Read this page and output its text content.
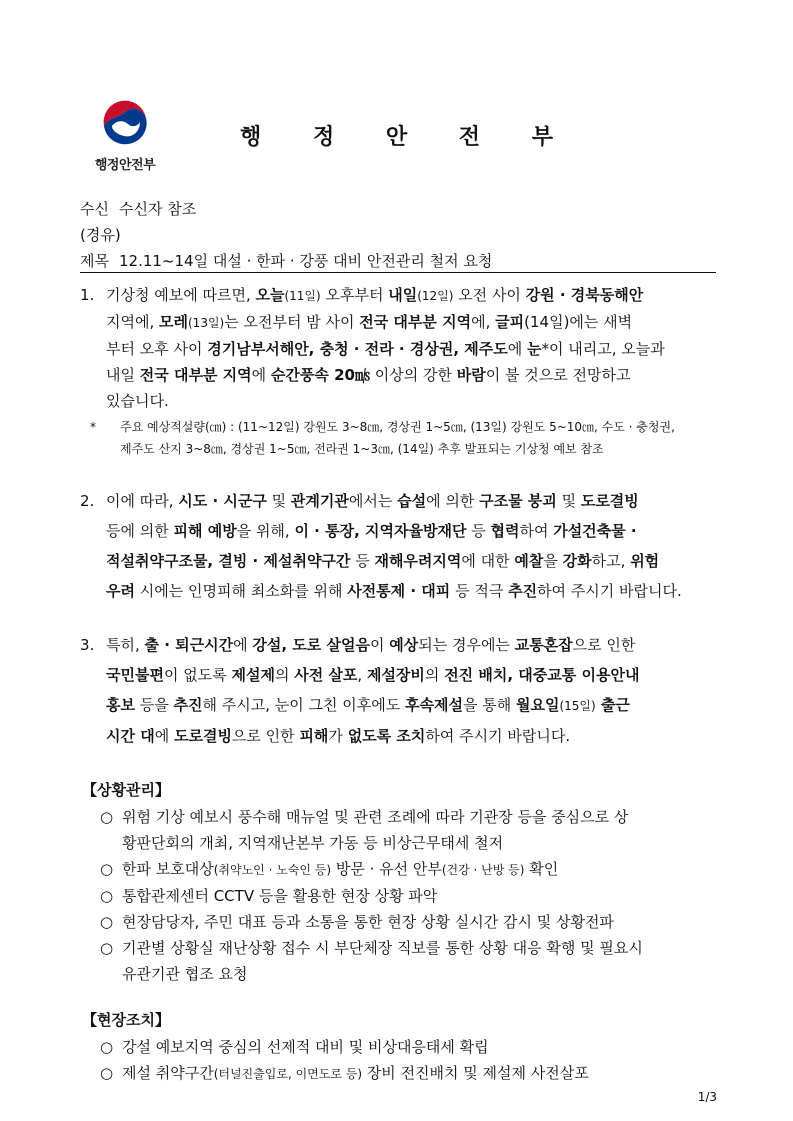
행정안전부
행 정 안 전 부
수신 수신자 참조
(경유)
제목 12.11~14일 대설 · 한파 · 강풍 대비 안전관리 철저 요청
1. 기상청 예보에 따르면, 오늘(11일) 오후부터 내일(12일) 오전 사이 강원 · 경북동해안
지역에, 모레(13일)는 오전부터 밤 사이 전국 대부분 지역에, 글피(14일)에는 새벽
부터 오후 사이 경기남부서해안, 충청 · 전라 · 경상권, 제주도에 눈*이 내리고, 오늘과
내일 전국 대부분 지역에 순간풍속 20㎧ 이상의 강한 바람이 불 것으로 전망하고
있습니다.
* 주요 예상적설량(㎝) : (11~12일) 강원도 3~8㎝, 경상권 1~5㎝, (13일) 강원도 5~10㎝, 수도 · 충청권,
제주도 산지 3~8㎝, 경상권 1~5㎝, 전라권 1~3㎝, (14일) 추후 발표되는 기상청 예보 참조
2. 이에 따라, 시도 · 시군구 및 관계기관에서는 습설에 의한 구조물 붕괴 및 도로결빙
등에 의한 피해 예방을 위해, 이 · 통장, 지역자율방재단 등 협력하여 가설건축물 ·
적설취약구조물, 결빙 · 제설취약구간 등 재해우려지역에 대한 예찰을 강화하고, 위험
우려 시에는 인명피해 최소화를 위해 사전통제 · 대피 등 적극 추진하여 주시기 바랍니다.
3. 특히, 출 · 퇴근시간에 강설, 도로 살얼음이 예상되는 경우에는 교통혼잡으로 인한
국민불편이 없도록 제설제의 사전 살포, 제설장비의 전진 배치, 대중교통 이용안내
홍보 등을 추진해 주시고, 눈이 그친 이후에도 후속제설을 통해 월요일(15일) 출근
시간 대에 도로결빙으로 인한 피해가 없도록 조치하여 주시기 바랍니다.
【상황관리】
○ 위험 기상 예보시 풍수해 매뉴얼 및 관련 조례에 따라 기관장 등을 중심으로 상
황판단회의 개최, 지역재난본부 가동 등 비상근무태세 철저
○ 한파 보호대상(취약노인 · 노숙인 등) 방문 · 유선 안부(건강 · 난방 등) 확인
○ 통합관제센터 CCTV 등을 활용한 현장 상황 파악
○ 현장담당자, 주민 대표 등과 소통을 통한 현장 상황 실시간 감시 및 상황전파
○ 기관별 상황실 재난상황 접수 시 부단체장 직보를 통한 상황 대응 확행 및 필요시
유관기관 협조 요청
【현장조치】
○ 강설 예보지역 중심의 선제적 대비 및 비상대응태세 확립
○ 제설 취약구간(터널진출입로, 이면도로 등) 장비 전진배치 및 제설제 사전살포
1/3
